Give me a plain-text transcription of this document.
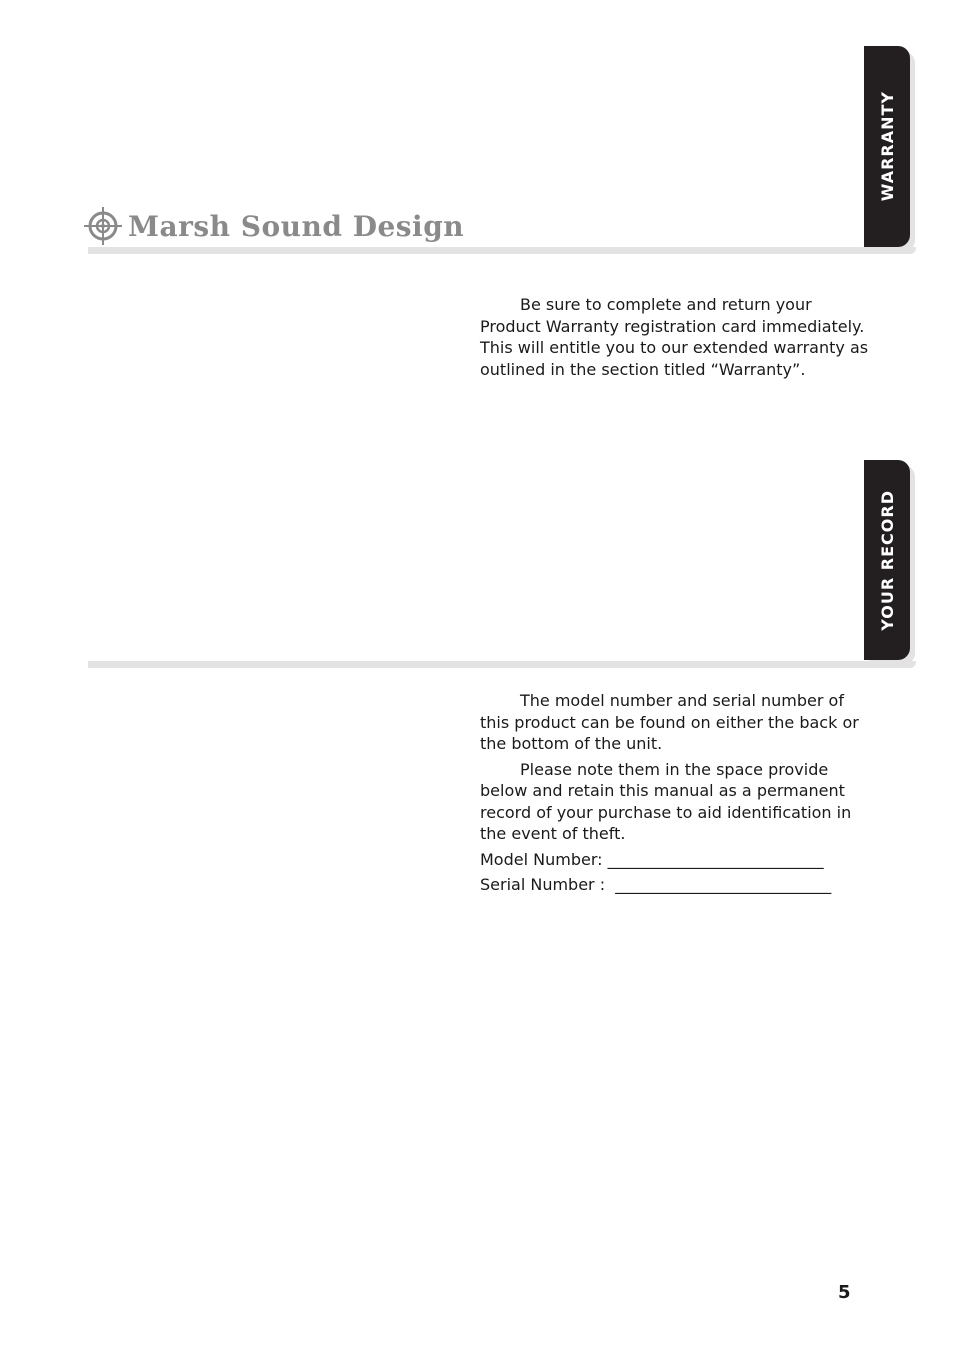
Marsh Sound Design
WARRANTY

Be sure to complete and return your Product Warranty registration card immediately. This will entitle you to our extended warranty as outlined in the section titled “Warranty”.

YOUR RECORD

The model number and serial number of this product can be found on either the back or the bottom of the unit.

Please note them in the space provide below and retain this manual as a permanent record of your purchase to aid identification in the event of theft.

Model Number: ___________________________

Serial Number :  ___________________________

5
